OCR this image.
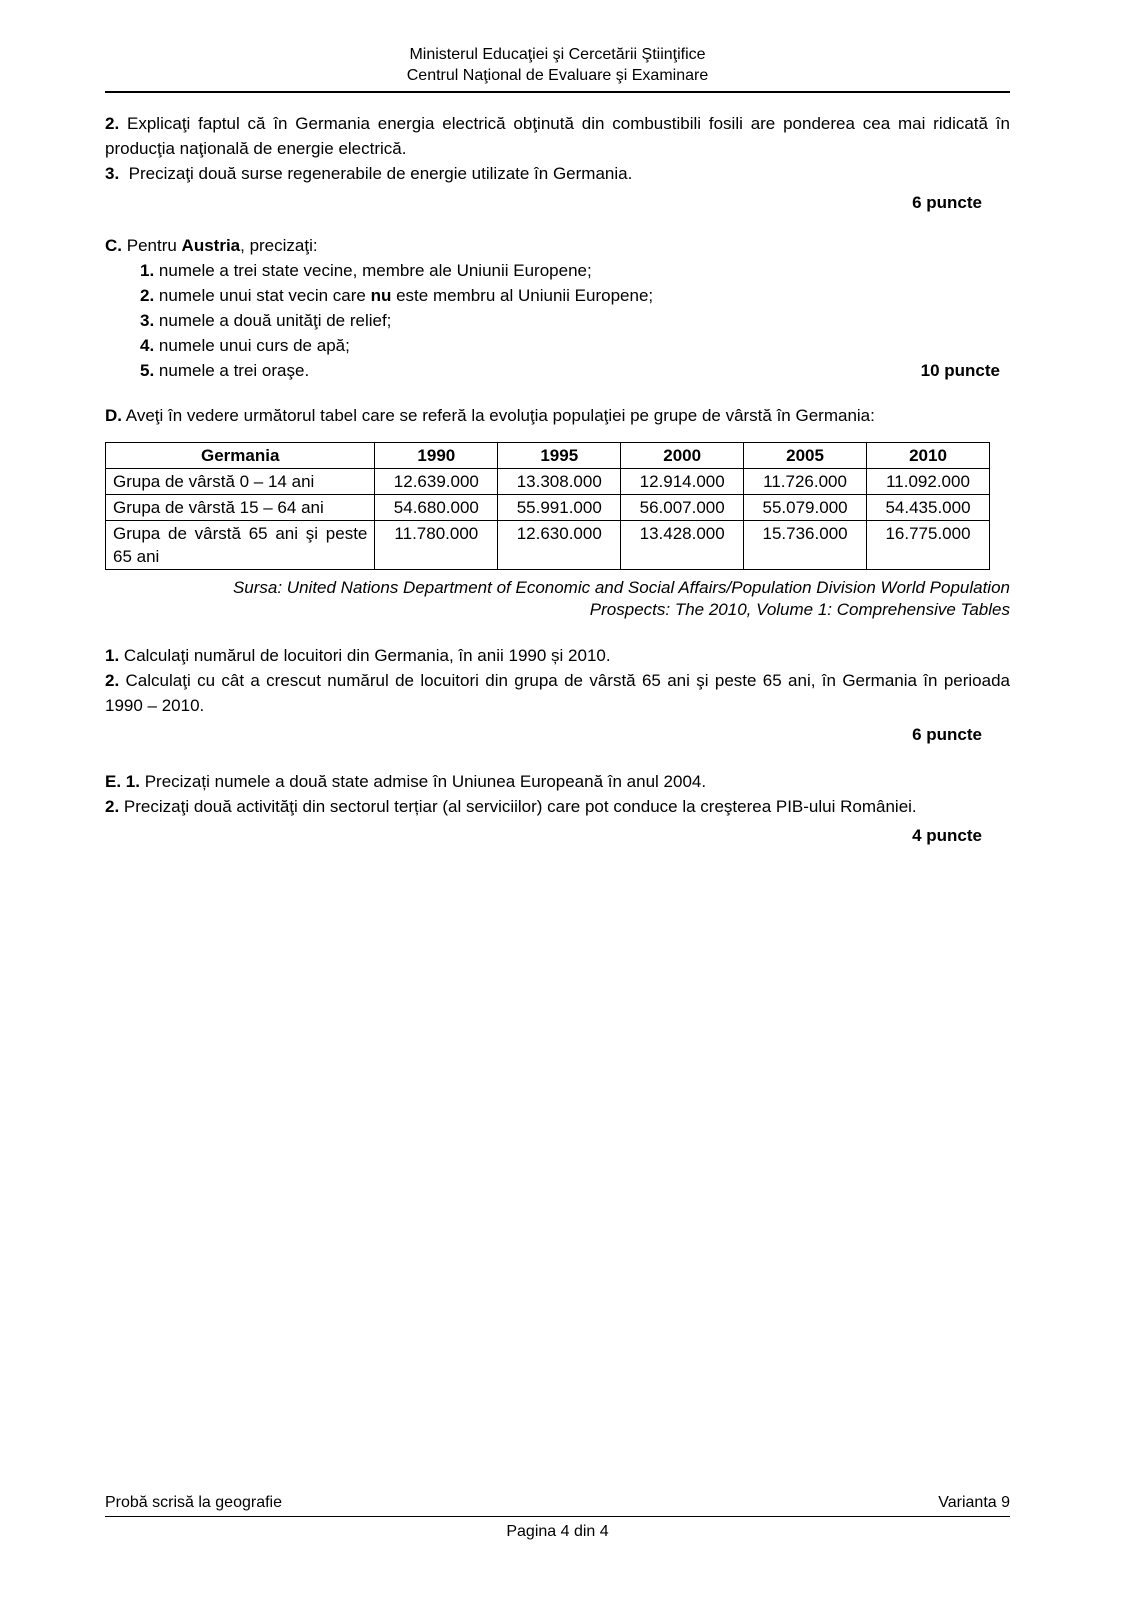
Ministerul Educaţiei şi Cercetării Ştiinţifice
Centrul Naţional de Evaluare şi Examinare

2. Explicaţi faptul că în Germania energia electrică obţinută din combustibili fosili are ponderea cea mai ridicată în producţia naţională de energie electrică.

3. Precizaţi două surse regenerabile de energie utilizate în Germania.

6 puncte

C. Pentru Austria, precizaţi:

1. numele a trei state vecine, membre ale Uniunii Europene;

2. numele unui stat vecin care nu este membru al Uniunii Europene;

3. numele a două unităţi de relief;

4. numele unui curs de apă;

5. numele a trei oraşe.	10 puncte

D. Aveţi în vedere următorul tabel care se referă la evoluţia populaţiei pe grupe de vârstă în Germania:

Germania	1990	1995	2000	2005	2010
Grupa de vârstă 0 – 14 ani	12.639.000	13.308.000	12.914.000	11.726.000	11.092.000
Grupa de vârstă 15 – 64 ani	54.680.000	55.991.000	56.007.000	55.079.000	54.435.000
Grupa de vârstă 65 ani şi peste 65 ani	11.780.000	12.630.000	13.428.000	15.736.000	16.775.000
Sursa: United Nations Department of Economic and Social Affairs/Population Division World Population
Prospects: The 2010, Volume 1: Comprehensive Tables

1. Calculaţi numărul de locuitori din Germania, în anii 1990 și 2010.

2. Calculaţi cu cât a crescut numărul de locuitori din grupa de vârstă 65 ani şi peste 65 ani, în Germania în perioada 1990 – 2010.

6 puncte

E. 1. Precizați numele a două state admise în Uniunea Europeană în anul 2004.

2. Precizaţi două activităţi din sectorul terțiar (al serviciilor) care pot conduce la creşterea PIB-ului României.

4 puncte

Probă scrisă la geografie	Varianta 9
Pagina 4 din 4
